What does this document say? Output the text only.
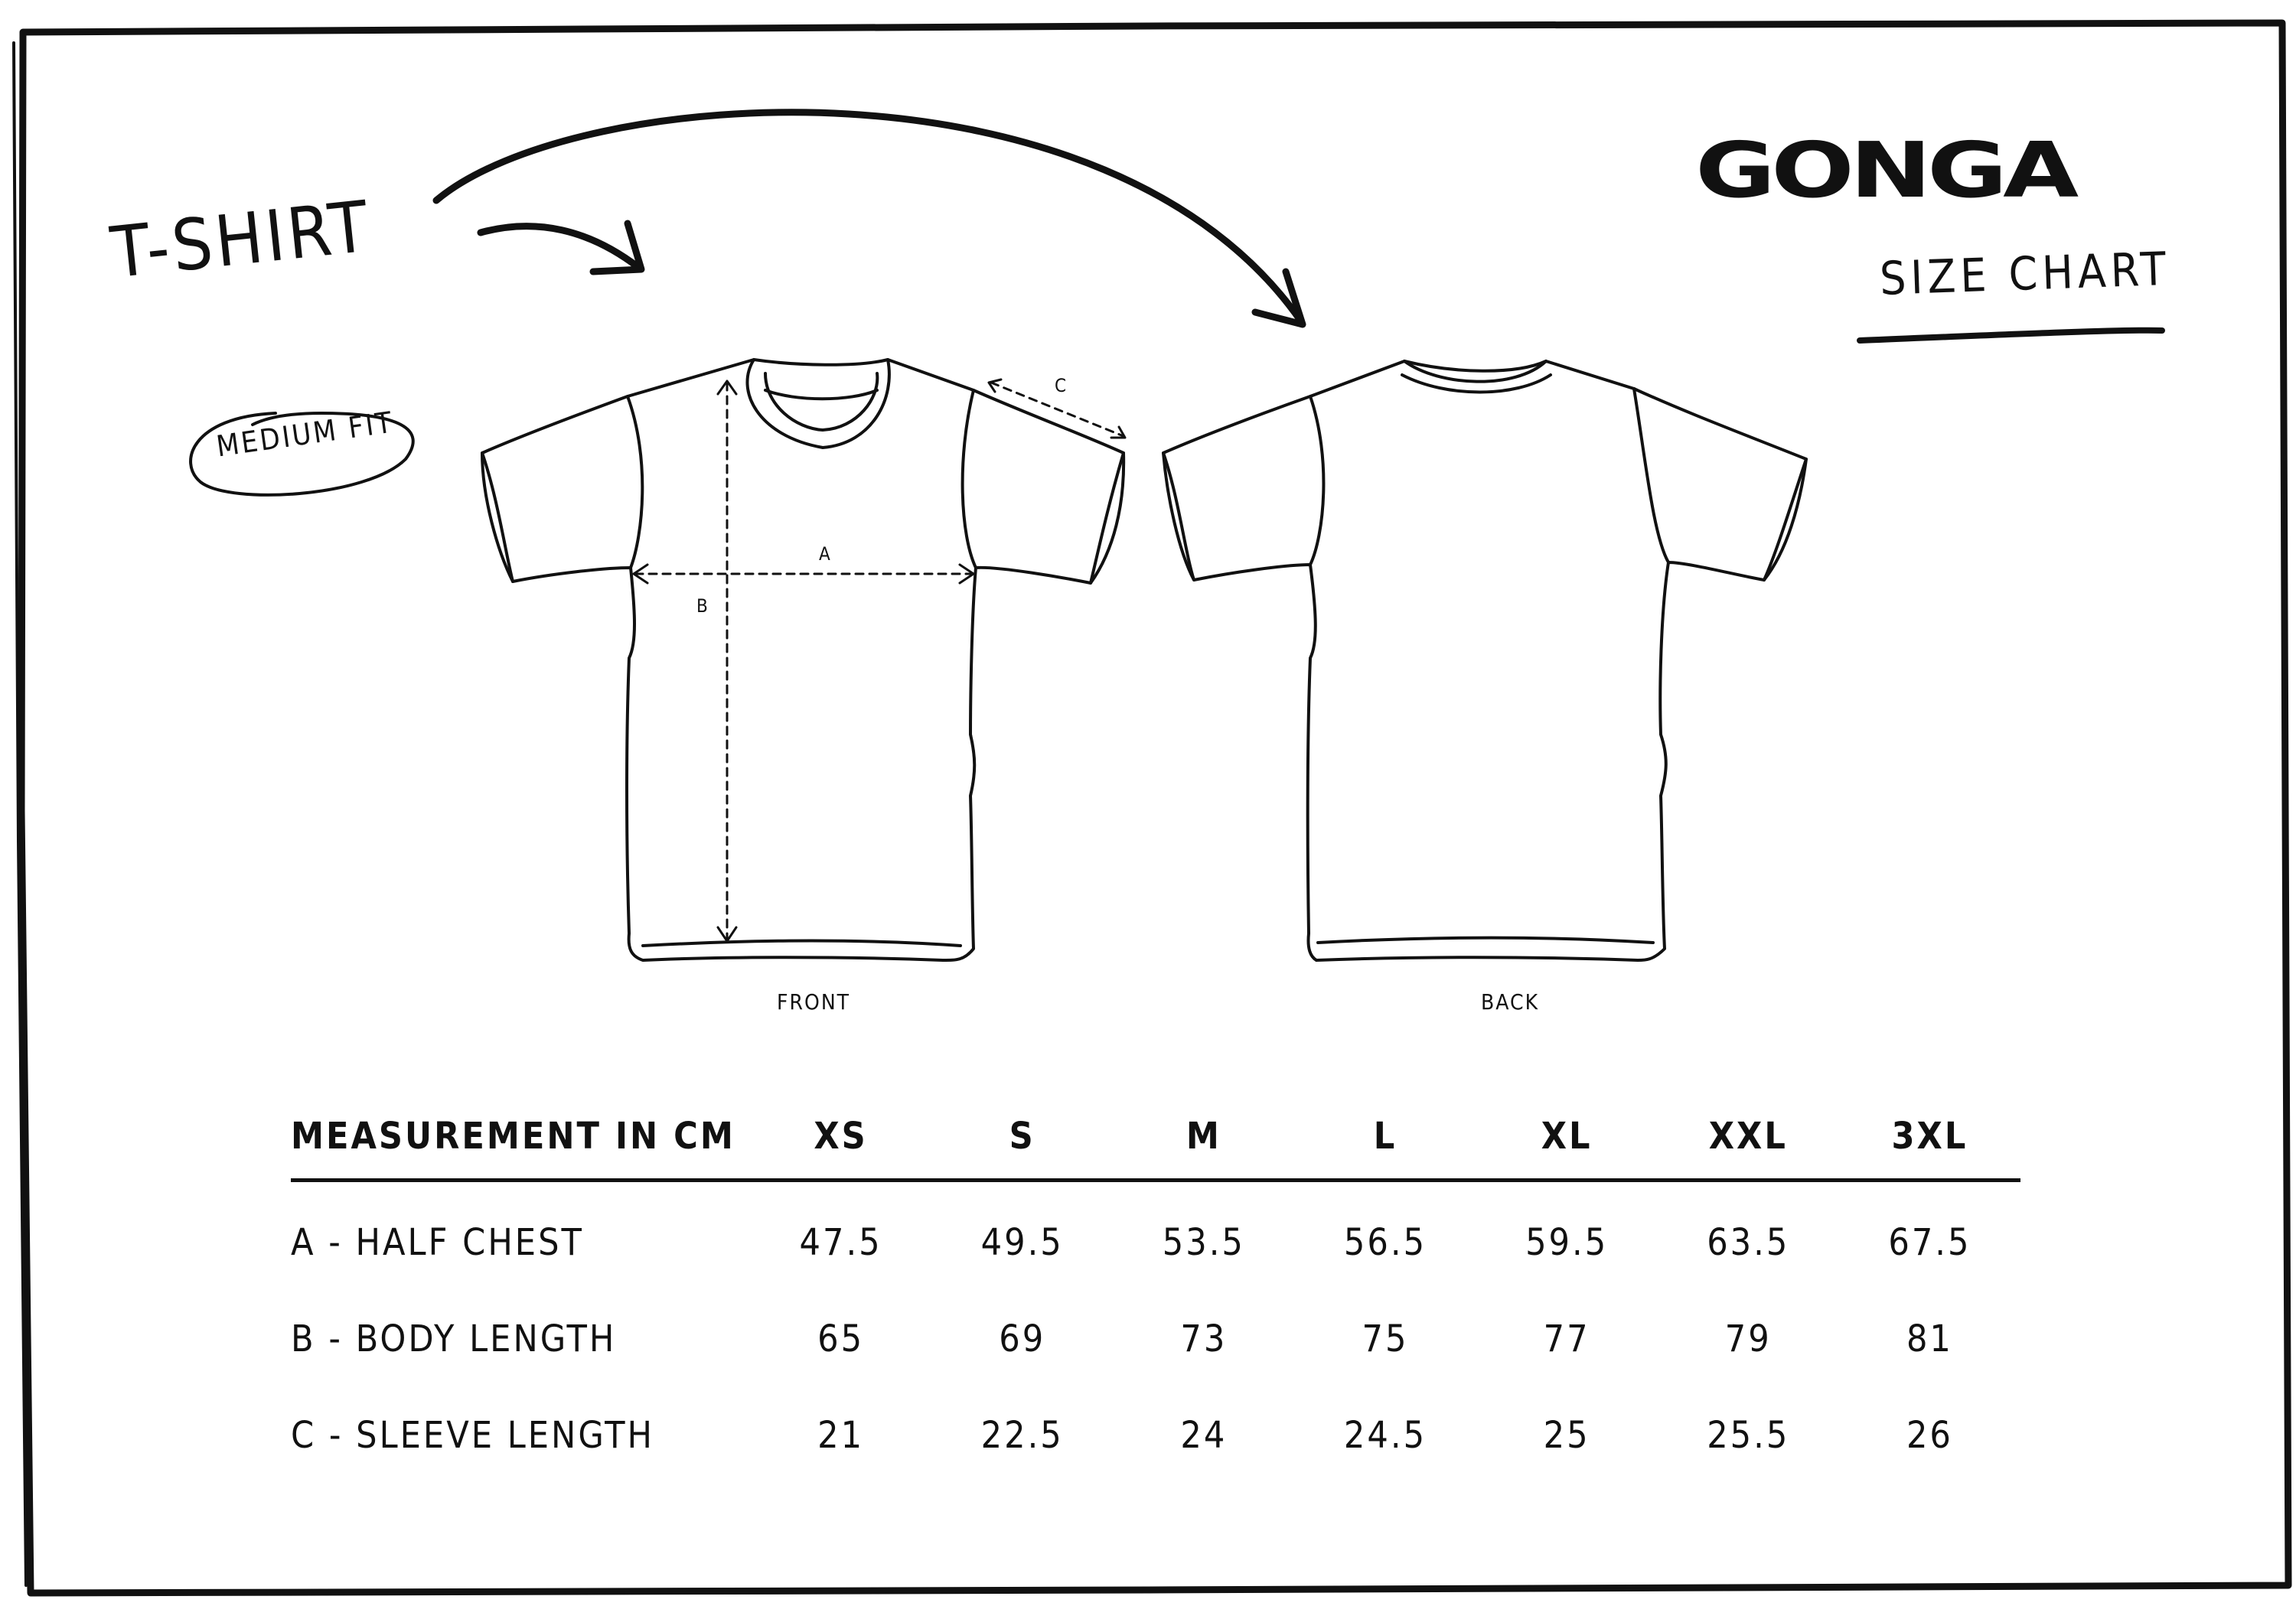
T-SHIRT
GONGA
SIZE CHART
MEDIUM FIT
A
B
C
FRONT	BACK
MEASUREMENT IN CM	XS	S	M	L	XL	XXL	3XL
A - HALF CHEST	47.5	49.5	53.5	56.5	59.5	63.5	67.5
B - BODY LENGTH	65	69	73	75	77	79	81
C - SLEEVE LENGTH	21	22.5	24	24.5	25	25.5	26
